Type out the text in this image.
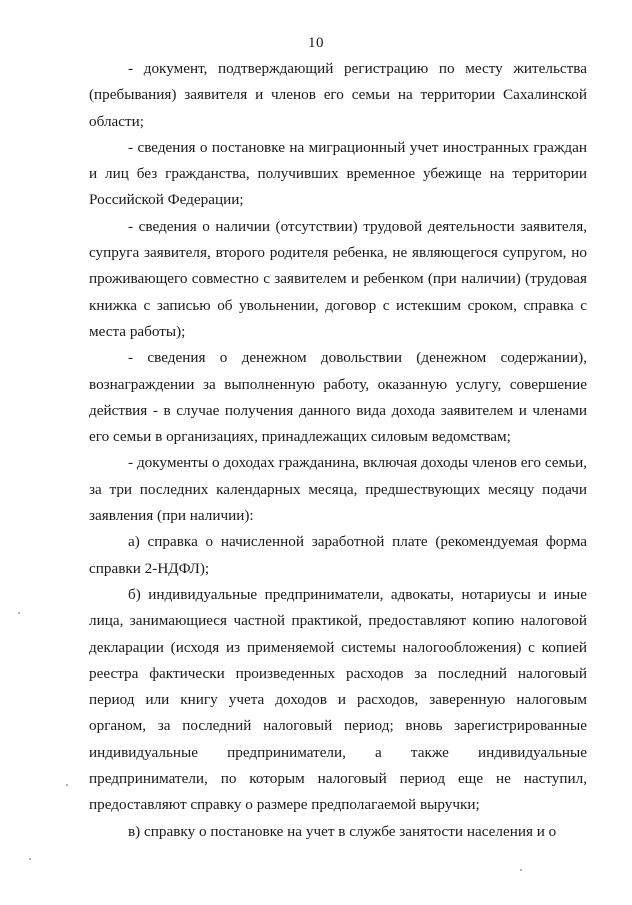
10

- документ, подтверждающий регистрацию по месту жительства (пребывания) заявителя и членов его семьи на территории Сахалинской области;

- сведения о постановке на миграционный учет иностранных граждан и лиц без гражданства, получивших временное убежище на территории Российской Федерации;

- сведения о наличии (отсутствии) трудовой деятельности заявителя, супруга заявителя, второго родителя ребенка, не являющегося супругом, но проживающего совместно с заявителем и ребенком (при наличии) (трудовая книжка с записью об увольнении, договор с истекшим сроком, справка с места работы);

- сведения о денежном довольствии (денежном содержании), вознаграждении за выполненную работу, оказанную услугу, совершение действия - в случае получения данного вида дохода заявителем и членами его семьи в организациях, принадлежащих силовым ведомствам;

- документы о доходах гражданина, включая доходы членов его семьи, за три последних календарных месяца, предшествующих месяцу подачи заявления (при наличии):

а) справка о начисленной заработной плате (рекомендуемая форма справки 2-НДФЛ);

б) индивидуальные предприниматели, адвокаты, нотариусы и иные лица, занимающиеся частной практикой, предоставляют копию налоговой декларации (исходя из применяемой системы налогообложения) с копией реестра фактически произведенных расходов за последний налоговый период или книгу учета доходов и расходов, заверенную налоговым органом, за последний налоговый период; вновь зарегистрированные индивидуальные предприниматели, а также индивидуальные предприниматели, по которым налоговый период еще не наступил, предоставляют справку о размере предполагаемой выручки;

в) справку о постановке на учет в службе занятости населения и о
